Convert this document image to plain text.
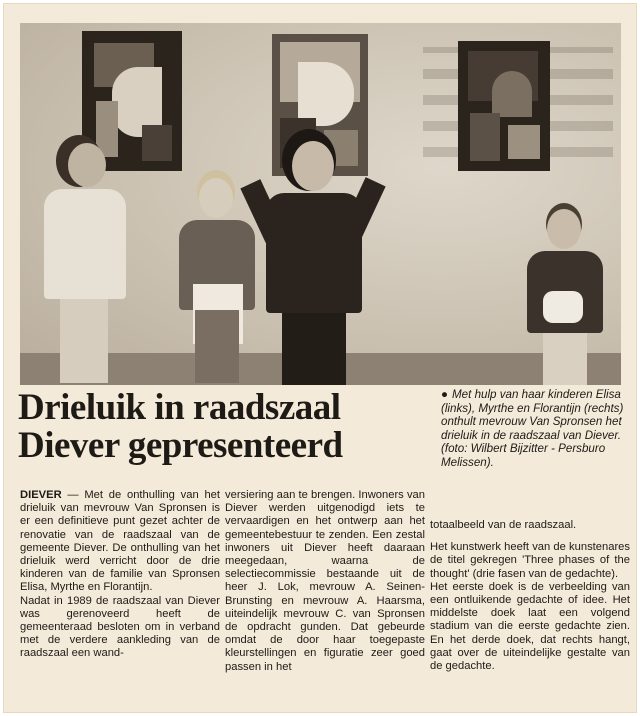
Drieluik in raadszaal
Diever gepresenteerd

● Met hulp van haar kinderen Elisa (links), Myrthe en Florantijn (rechts) onthult mevrouw Van Spronsen het drieluik in de raadszaal van Diever. (foto: Wilbert Bijzitter - Persburo Melissen).

DIEVER — Met de onthulling van het drieluik van mevrouw Van Spronsen is er een definitieve punt gezet achter de renovatie van de raadszaal van de gemeente Diever. De onthulling van het drieluik werd verricht door de drie kinderen van de familie van Spronsen Elisa, Myrthe en Florantijn.

Nadat in 1989 de raadszaal van Diever was gerenoveerd heeft de gemeenteraad besloten om in verband met de verdere aankleding van de raadszaal een wand-

versiering aan te brengen. Inwoners van Diever werden uitgenodigd iets te vervaardigen en het ontwerp aan het gemeentebestuur te zenden. Een zestal inwoners uit Diever heeft daaraan meegedaan, waarna de selectiecommissie bestaande uit de heer J. Lok, mevrouw A. Seinen-Brunsting en mevrouw A. Haarsma, uiteindelijk mevrouw C. van Spronsen de opdracht gunden. Dat gebeurde omdat de door haar toegepaste kleurstellingen en figuratie zeer goed passen in het

totaalbeeld van de raadszaal.

Het kunstwerk heeft van de kunstenares de titel gekregen 'Three phases of the thought' (drie fasen van de gedachte).

Het eerste doek is de verbeelding van een ontluikende gedachte of idee. Het middelste doek laat een volgend stadium van die eerste gedachte zien. En het derde doek, dat rechts hangt, gaat over de uiteindelijke gestalte van de gedachte.
